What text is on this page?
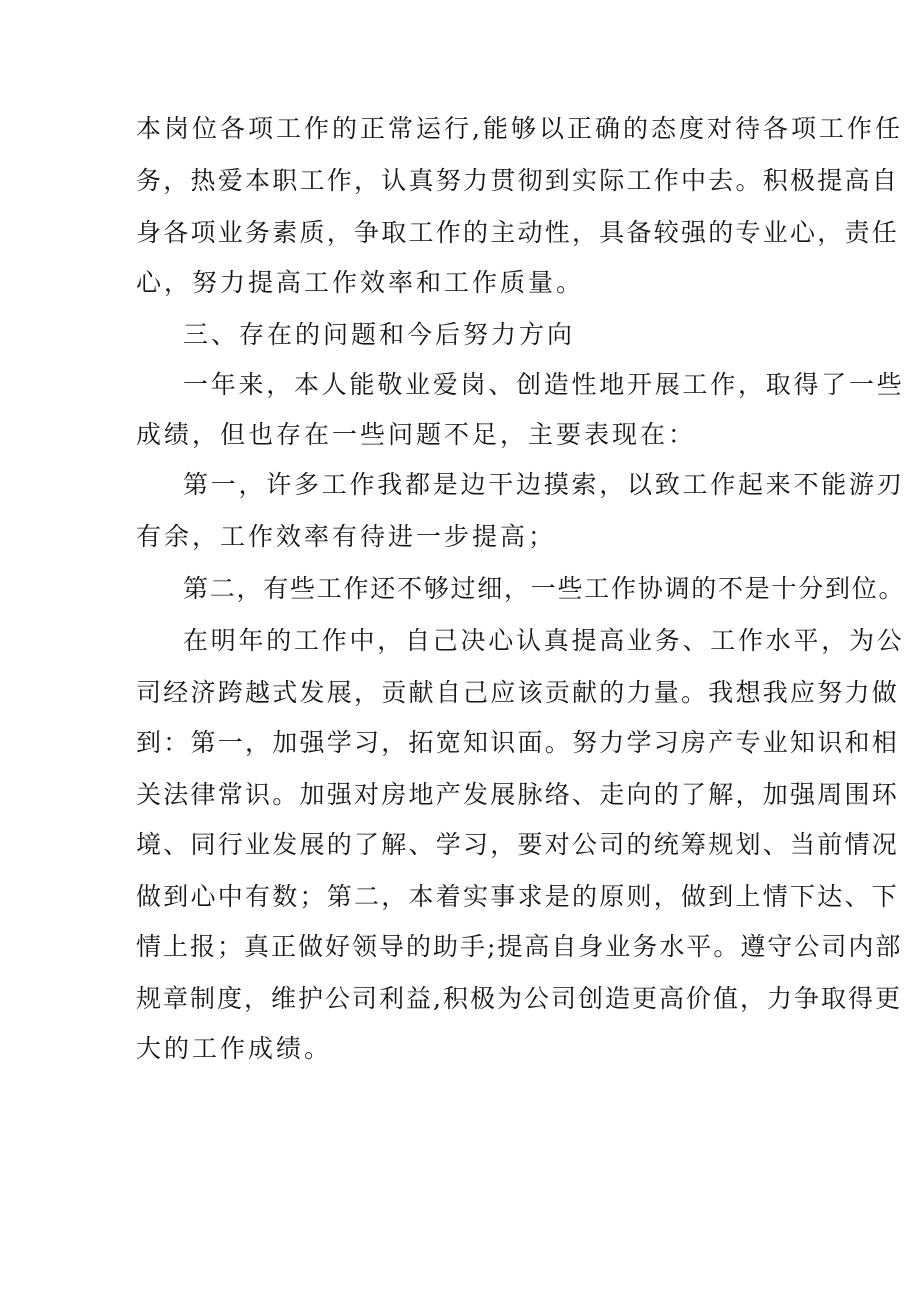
本岗位各项工作的正常运行,能够以正确的态度对待各项工作任

务，热爱本职工作，认真努力贯彻到实际工作中去。积极提高自

身各项业务素质，争取工作的主动性，具备较强的专业心，责任

心，努力提高工作效率和工作质量。

三、存在的问题和今后努力方向

一年来，本人能敬业爱岗、创造性地开展工作，取得了一些

成绩，但也存在一些问题不足，主要表现在：

第一，许多工作我都是边干边摸索，以致工作起来不能游刃

有余，工作效率有待进一步提高；

第二，有些工作还不够过细，一些工作协调的不是十分到位。

在明年的工作中，自己决心认真提高业务、工作水平，为公

司经济跨越式发展，贡献自己应该贡献的力量。我想我应努力做

到：第一，加强学习，拓宽知识面。努力学习房产专业知识和相

关法律常识。加强对房地产发展脉络、走向的了解，加强周围环

境、同行业发展的了解、学习，要对公司的统筹规划、当前情况

做到心中有数；第二，本着实事求是的原则，做到上情下达、下

情上报；真正做好领导的助手;提高自身业务水平。遵守公司内部

规章制度，维护公司利益,积极为公司创造更高价值，力争取得更

大的工作成绩。
